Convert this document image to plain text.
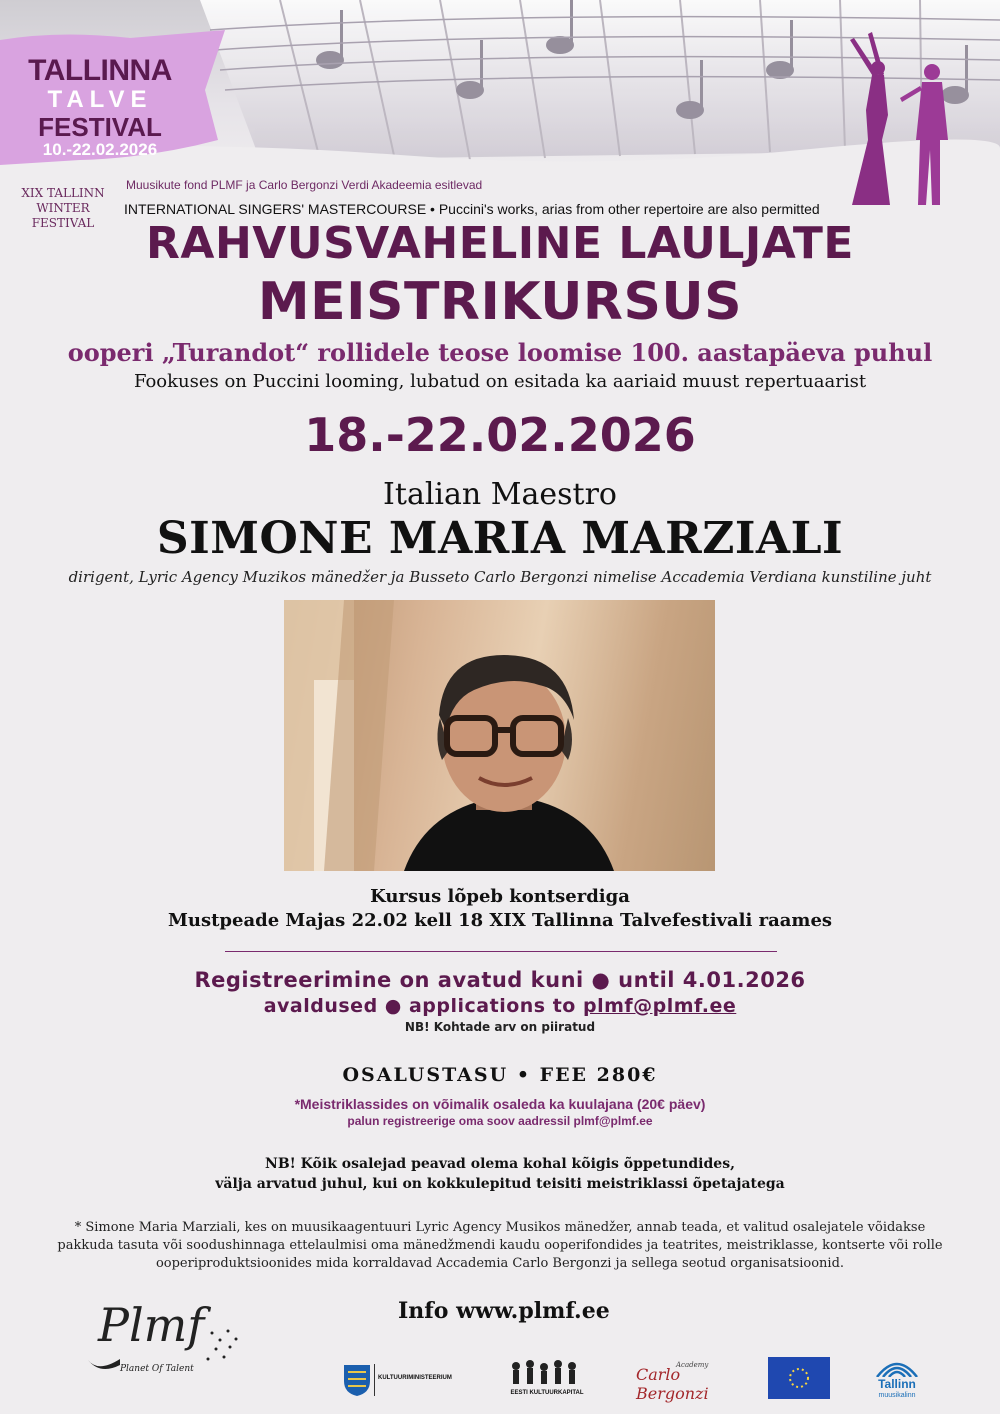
TALLINNA
TALVE
FESTIVAL
10.-22.02.2026
XIX TALLINN WINTER FESTIVAL
Muusikute fond PLMF ja Carlo Bergonzi Verdi Akadeemia esitlevad
INTERNATIONAL SINGERS' MASTERCOURSE • Puccini's works, arias from other repertoire are also permitted
RAHVUSVAHELINE LAULJATE
MEISTRIKURSUS
ooperi „Turandot“ rollidele teose loomise 100. aastapäeva puhul
Fookuses on Puccini looming, lubatud on esitada ka aariaid muust repertuaarist
18.-22.02.2026
Italian Maestro
SIMONE MARIA MARZIALI
dirigent, Lyric Agency Muzikos mänedžer ja Busseto Carlo Bergonzi nimelise Accademia Verdiana kunstiline juht
Kursus lõpeb kontserdiga
Mustpeade Majas 22.02 kell 18 XIX Tallinna Talvefestivali raames
Registreerimine on avatud kuni ● until 4.01.2026
avaldused ● applications to plmf@plmf.ee
NB! Kohtade arv on piiratud
OSALUSTASU • FEE 280€
*Meistriklassides on võimalik osaleda ka kuulajana (20€ päev)
palun registreerige oma soov aadressil plmf@plmf.ee
NB! Kõik osalejad peavad olema kohal kõigis õppetundides,
välja arvatud juhul, kui on kokkulepitud teisiti meistriklassi õpetajatega
* Simone Maria Marziali, kes on muusikaagentuuri Lyric Agency Musikos mänedžer, annab teada, et valitud osalejatele võidakse pakkuda tasuta või soodushinnaga ettelaulmisi oma mänedžmendi kaudu ooperifondides ja teatrites, meistriklasse, kontserte või rolle ooperiproduktsioonides mida korraldavad Accademia Carlo Bergonzi ja sellega seotud organisatsioonid.
Info www.plmf.ee
Plmf
Planet Of Talent
KULTUURIMINISTEERIUM
EESTI KULTUURKAPITAL
Carlo Bergonzi
Academy
Tallinn
muusikalinn
